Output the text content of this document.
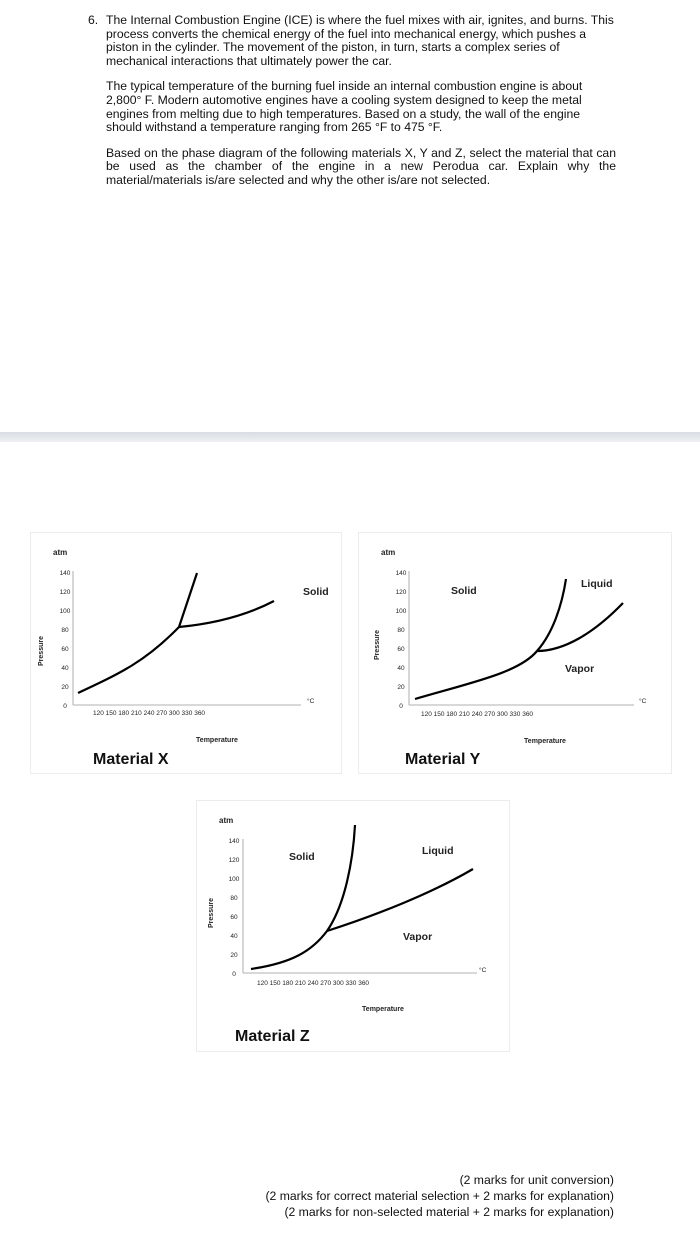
6. The Internal Combustion Engine (ICE) is where the fuel mixes with air, ignites, and burns. This process converts the chemical energy of the fuel into mechanical energy, which pushes a piston in the cylinder. The movement of the piston, in turn, starts a complex series of mechanical interactions that ultimately power the car.

The typical temperature of the burning fuel inside an internal combustion engine is about 2,800° F. Modern automotive engines have a cooling system designed to keep the metal engines from melting due to high temperatures. Based on a study, the wall of the engine should withstand a temperature ranging from 265 °F to 475 °F.

Based on the phase diagram of the following materials X, Y and Z, select the material that can be used as the chamber of the engine in a new Perodua car. Explain why the material/materials is/are selected and why the other is/are not selected.

atm
140
120
100
80
60
40
20
0
Pressure
Solid
120 150 180 210 240 270 300 330 360
°C
Temperature
Material X
atm
140
120
100
80
60
40
20
0
Pressure
Solid
Liquid
Vapor
120 150 180 210 240 270 300 330 360
°C
Temperature
Material Y
atm
140
120
100
80
60
40
20
0
Pressure
Solid	Liquid
Vapor
120 150 180 210 240 270 300 330 360
°C
Temperature
Material Z
(2 marks for unit conversion)
(2 marks for correct material selection + 2 marks for explanation)
(2 marks for non-selected material + 2 marks for explanation)
